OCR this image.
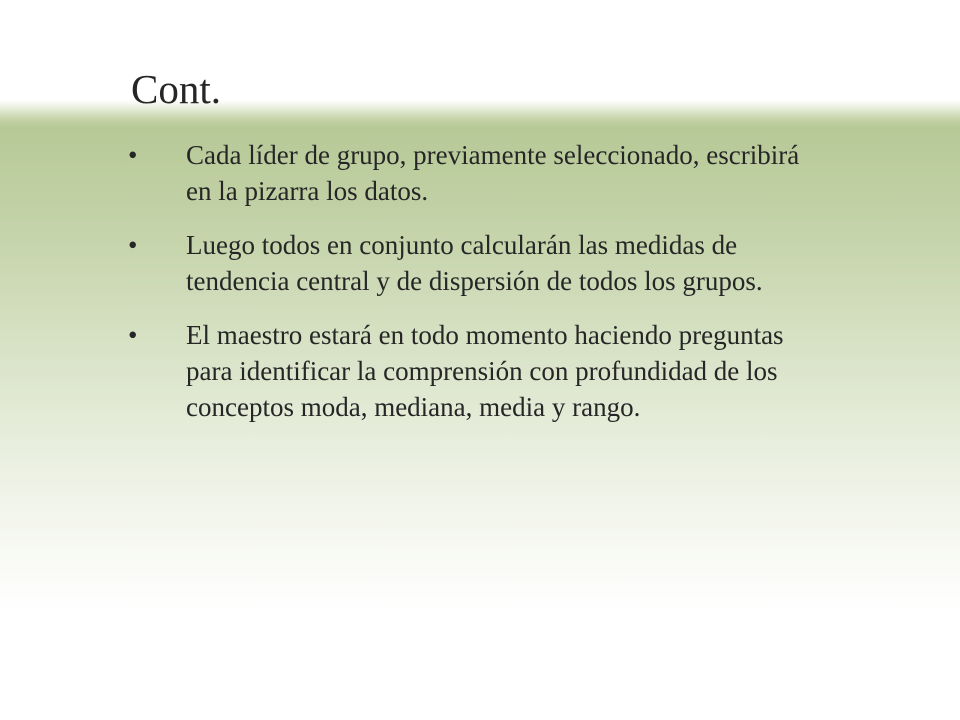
Cont.
•	Cada líder de grupo, previamente seleccionado, escribirá en la pizarra los datos.
•	Luego todos en conjunto calcularán las medidas de tendencia central y de dispersión de todos los grupos.
•	El maestro estará en todo momento haciendo preguntas para identificar la comprensión con profundidad de los conceptos moda, mediana, media y rango.
